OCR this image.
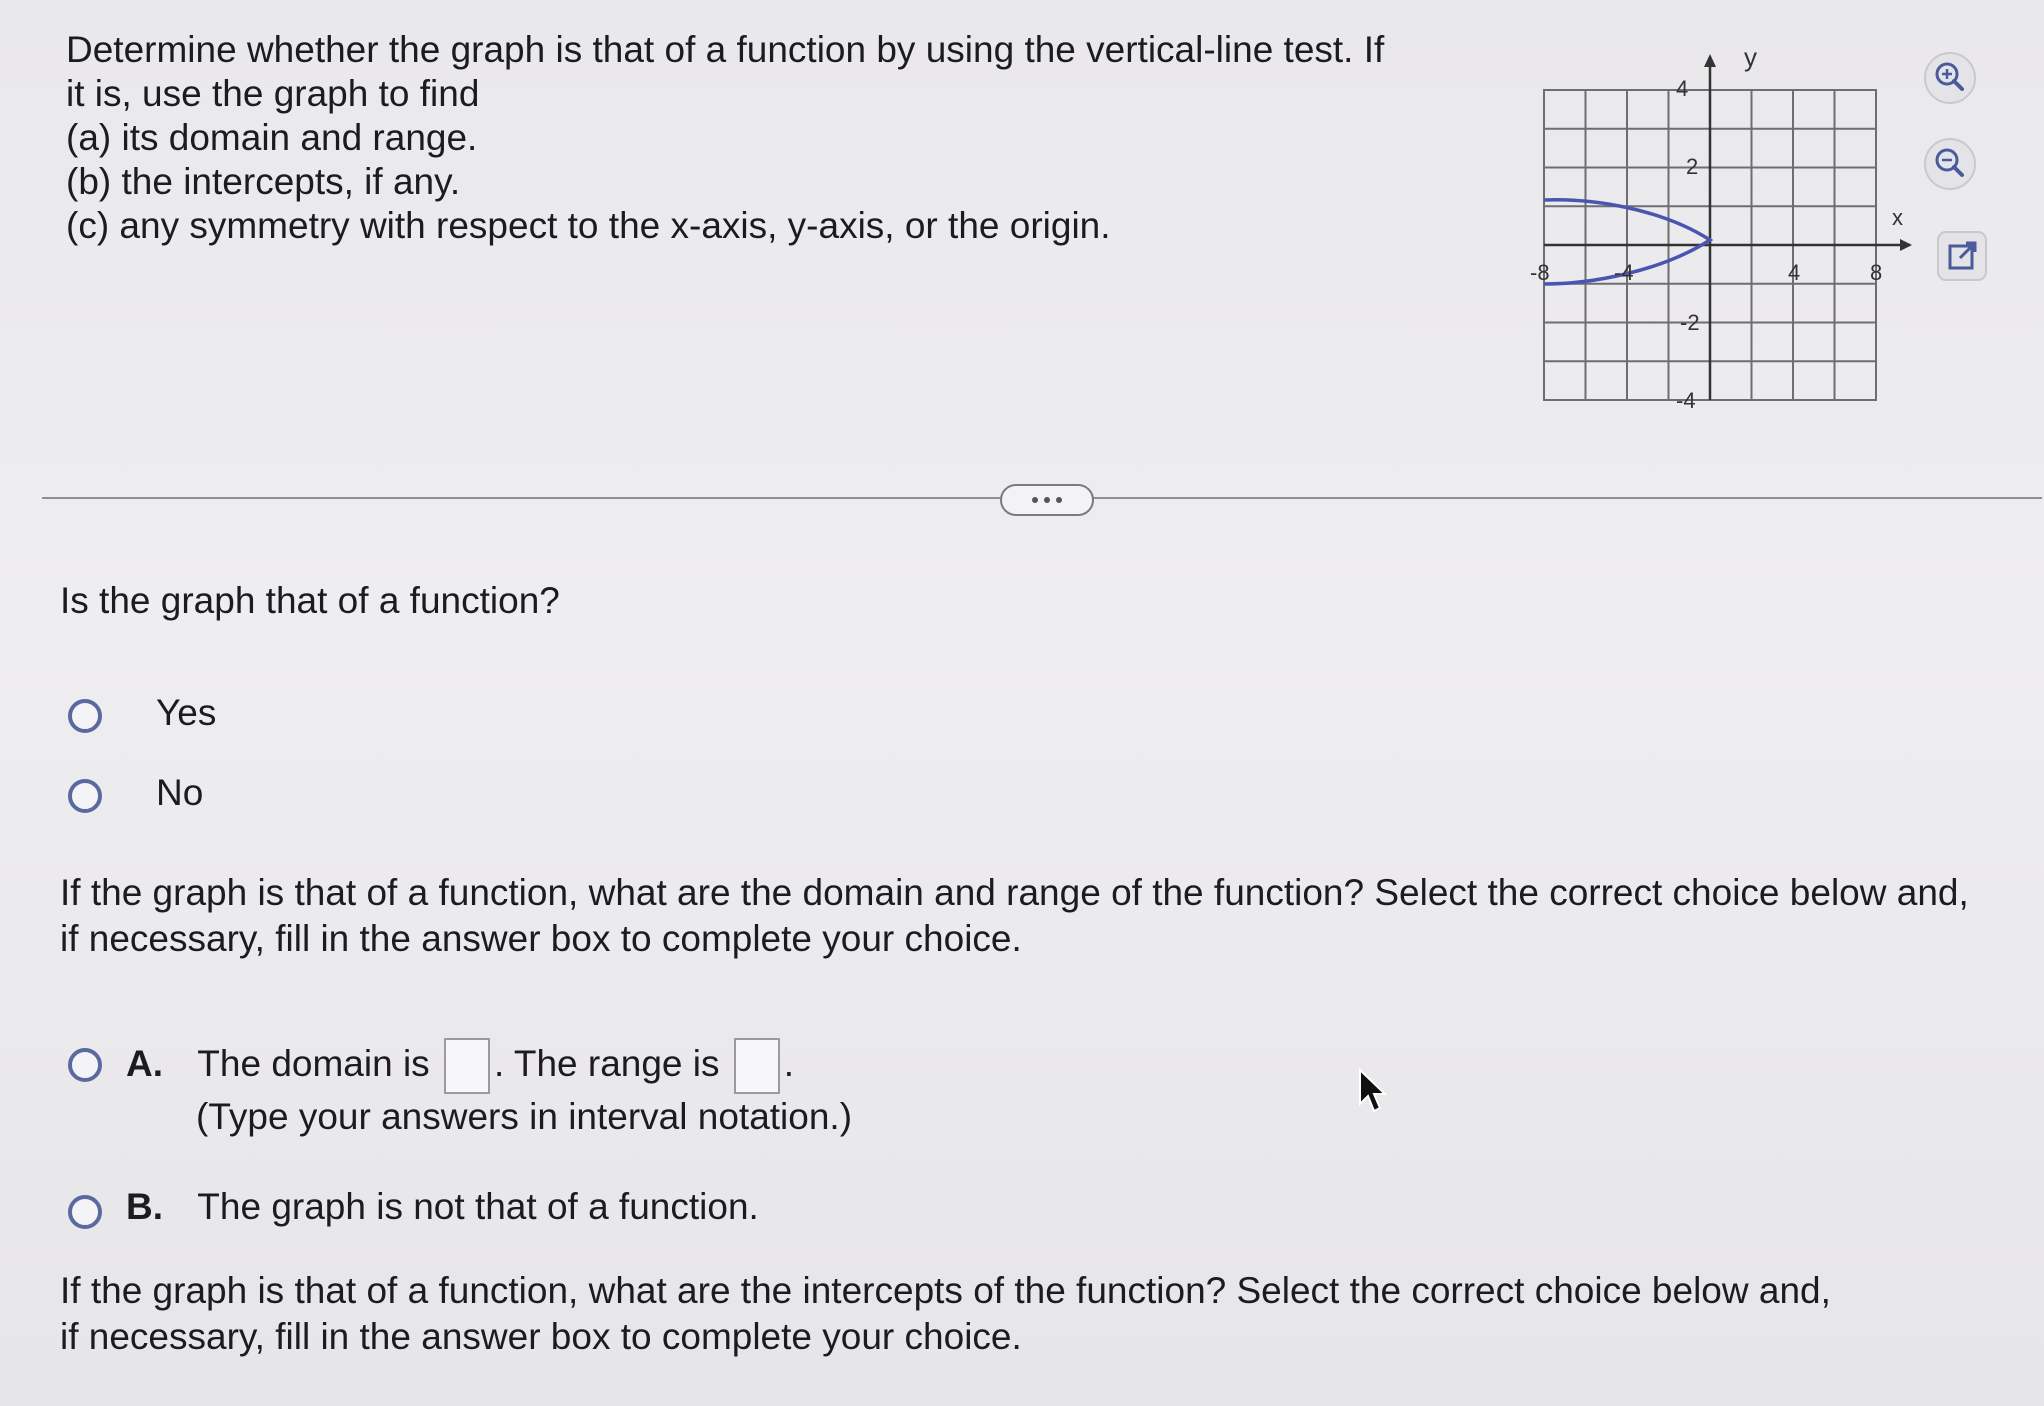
Determine whether the graph is that of a function by using the vertical-line test. If
it is, use the graph to find
(a) its domain and range.
(b) the intercepts, if any.
(c) any symmetry with respect to the x-axis, y-axis, or the origin.
y
x
-8	-4	4	8
4
2
-2
-4
Is the graph that of a function?
Yes
No
If the graph is that of a function, what are the domain and range of the function? Select the correct choice below and,
if necessary, fill in the answer box to complete your choice.
A. The domain is . The range is .
(Type your answers in interval notation.)
B. The graph is not that of a function.
If the graph is that of a function, what are the intercepts of the function? Select the correct choice below and,
if necessary, fill in the answer box to complete your choice.
